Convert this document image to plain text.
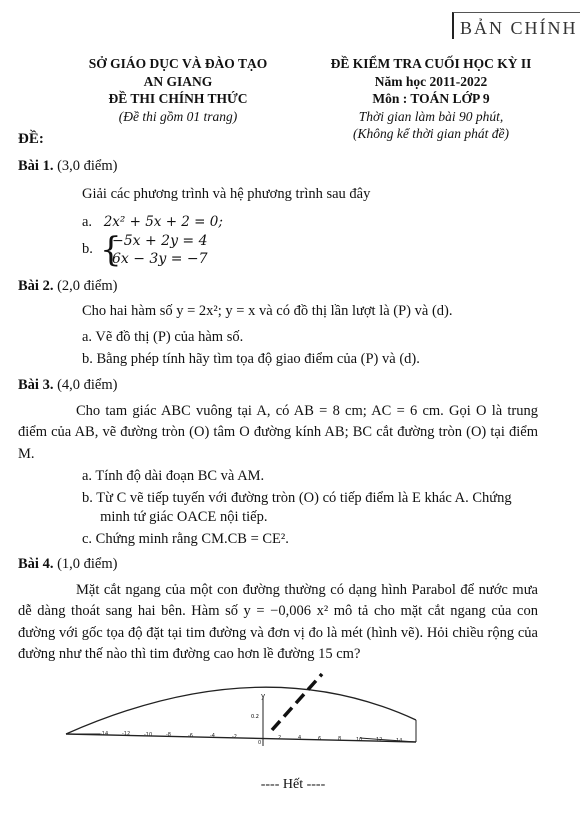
BẢN CHÍNH
SỞ GIÁO DỤC VÀ ĐÀO TẠO
AN GIANG
ĐỀ THI CHÍNH THỨC
(Đề thi gồm 01 trang)
ĐỀ KIỂM TRA CUỐI HỌC KỲ II
Năm học 2011-2022
Môn : TOÁN LỚP 9
Thời gian làm bài 90 phút,
(Không kể thời gian phát đề)
ĐỀ:
Bài 1. (3,0 điểm)
Giải các phương trình và hệ phương trình sau đây
a. 2x² + 5x + 2 = 0;
b. {
−5x + 2y = 4
6x − 3y = −7
Bài 2. (2,0 điểm)
Cho hai hàm số y = 2x²; y = x và có đồ thị lần lượt là (P) và (d).
a. Vẽ đồ thị (P) của hàm số.
b. Bằng phép tính hãy tìm tọa độ giao điểm của (P) và (d).
Bài 3. (4,0 điểm)
Cho tam giác ABC vuông tại A, có AB = 8 cm; AC = 6 cm. Gọi O là trung điểm của AB, vẽ đường tròn (O) tâm O đường kính AB; BC cắt đường tròn (O) tại điểm M.
a. Tính độ dài đoạn BC và AM.
b. Từ C vẽ tiếp tuyến với đường tròn (O) có tiếp điểm là E khác A. Chứng
minh tứ giác OACE nội tiếp.
c. Chứng minh rằng CM.CB = CE².
Bài 4. (1,0 điểm)
Mặt cắt ngang của một con đường thường có dạng hình Parabol để nước mưa dễ dàng thoát sang hai bên. Hàm số y = −0,006 x² mô tả cho mặt cắt ngang của con đường với gốc tọa độ đặt tại tim đường và đơn vị đo là mét (hình vẽ). Hỏi chiều rộng của đường như thế nào thì tim đường cao hơn lề đường 15 cm?
y
0.2
-14	-12	-10	-8	-6	-4	-2
0
2	4	6	8	10	12	14
---- Hết ----
